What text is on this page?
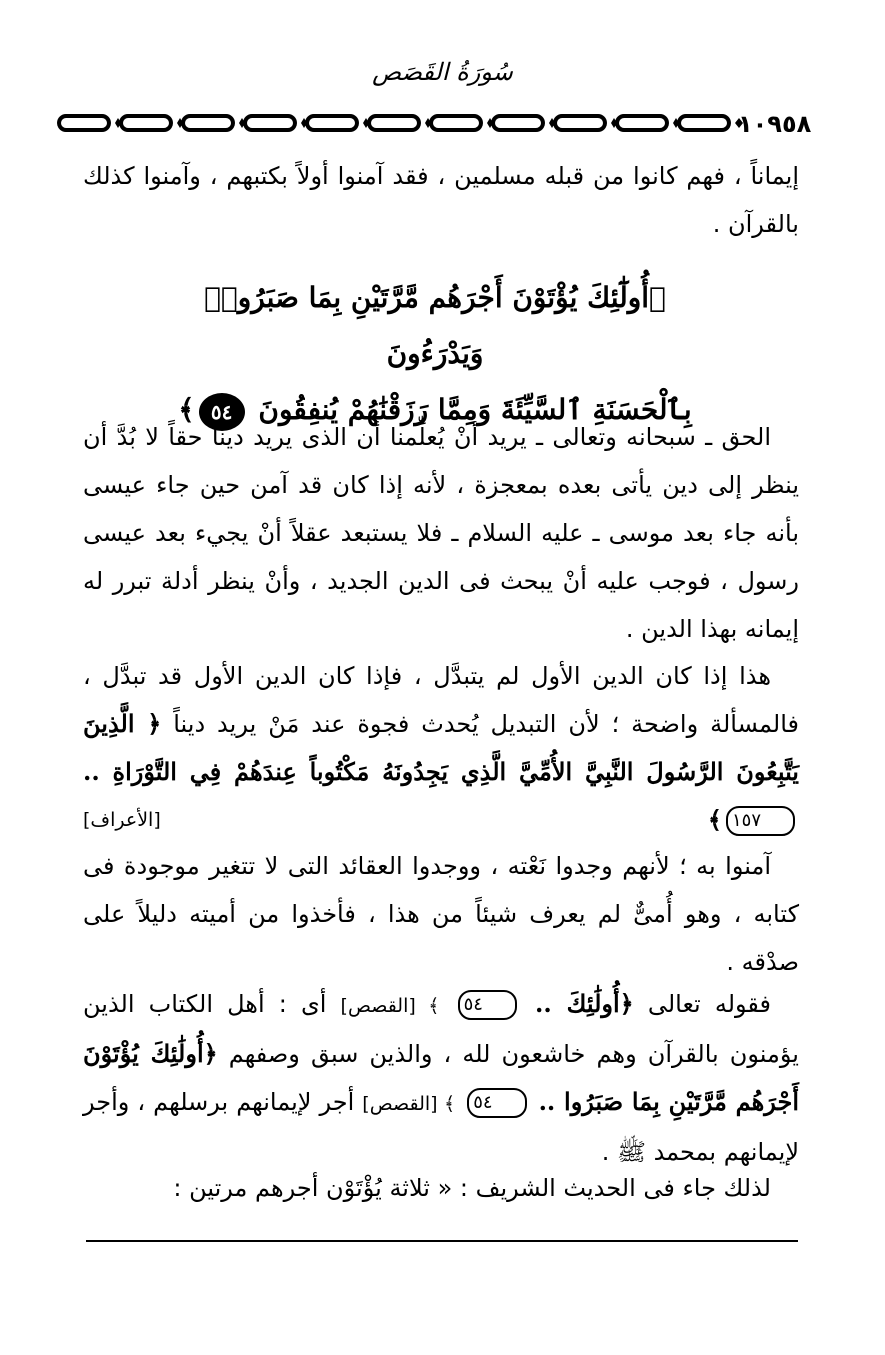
سُورَةُ القَصَص
١٠٩٥٨
إيماناً ، فهم كانوا من قبله مسلمين ، فقد آمنوا أولاً بكتبهم ، وآمنوا كذلك بالقرآن .
﴿أُولَٰٓئِكَ يُؤْتَوْنَ أَجْرَهُم مَّرَّتَيْنِ بِمَا صَبَرُوا۟ وَيَدْرَءُونَ
بِٱلْحَسَنَةِ ٱلسَّيِّئَةَ وَمِمَّا رَزَقْنَٰهُمْ يُنفِقُونَ ٥٤﴾
الحق ـ سبحانه وتعالى ـ يريد أنْ يُعلِّمنا أن الذى يريد ديناً حقاً لا بُدَّ أن ينظر إلى دين يأتى بعده بمعجزة ، لأنه إذا كان قد آمن حين جاء عيسى بأنه جاء بعد موسى ـ عليه السلام ـ فلا يستبعد عقلاً أنْ يجيء بعد عيسى رسول ، فوجب عليه أنْ يبحث فى الدين الجديد ، وأنْ ينظر أدلة تبرر له إيمانه بهذا الدين .
هذا إذا كان الدين الأول لم يتبدَّل ، فإذا كان الدين الأول قد تبدَّل ، فالمسألة واضحة ؛ لأن التبديل يُحدث فجوة عند مَنْ يريد ديناً ﴿ الَّذِينَ يَتَّبِعُونَ الرَّسُولَ النَّبِيَّ الأُمِّيَّ الَّذِي يَجِدُونَهُ مَكْتُوباً عِندَهُمْ فِي التَّوْرَاةِ .. ١٥٧﴾
[الأعراف]
آمنوا به ؛ لأنهم وجدوا نَعْته ، ووجدوا العقائد التى لا تتغير موجودة فى كتابه ، وهو أُمىٌّ لم يعرف شيئاً من هذا ، فأخذوا من أميته دليلاً على صدْقه .
فقوله تعالى ﴿أُولَٰئِكَ .. ٥٤ ﴾ [القصص] أى : أهل الكتاب الذين يؤمنون بالقرآن وهم خاشعون لله ، والذين سبق وصفهم ﴿أُولَٰئِكَ يُؤْتَوْنَ أَجْرَهُم مَّرَّتَيْنِ بِمَا صَبَرُوا .. ٥٤ ﴾ [القصص] أجر لإيمانهم برسلهم ، وأجر لإيمانهم بمحمد ﷺ .
لذلك جاء فى الحديث الشريف : « ثلاثة يُؤْتَوْن أجرهم مرتين :
